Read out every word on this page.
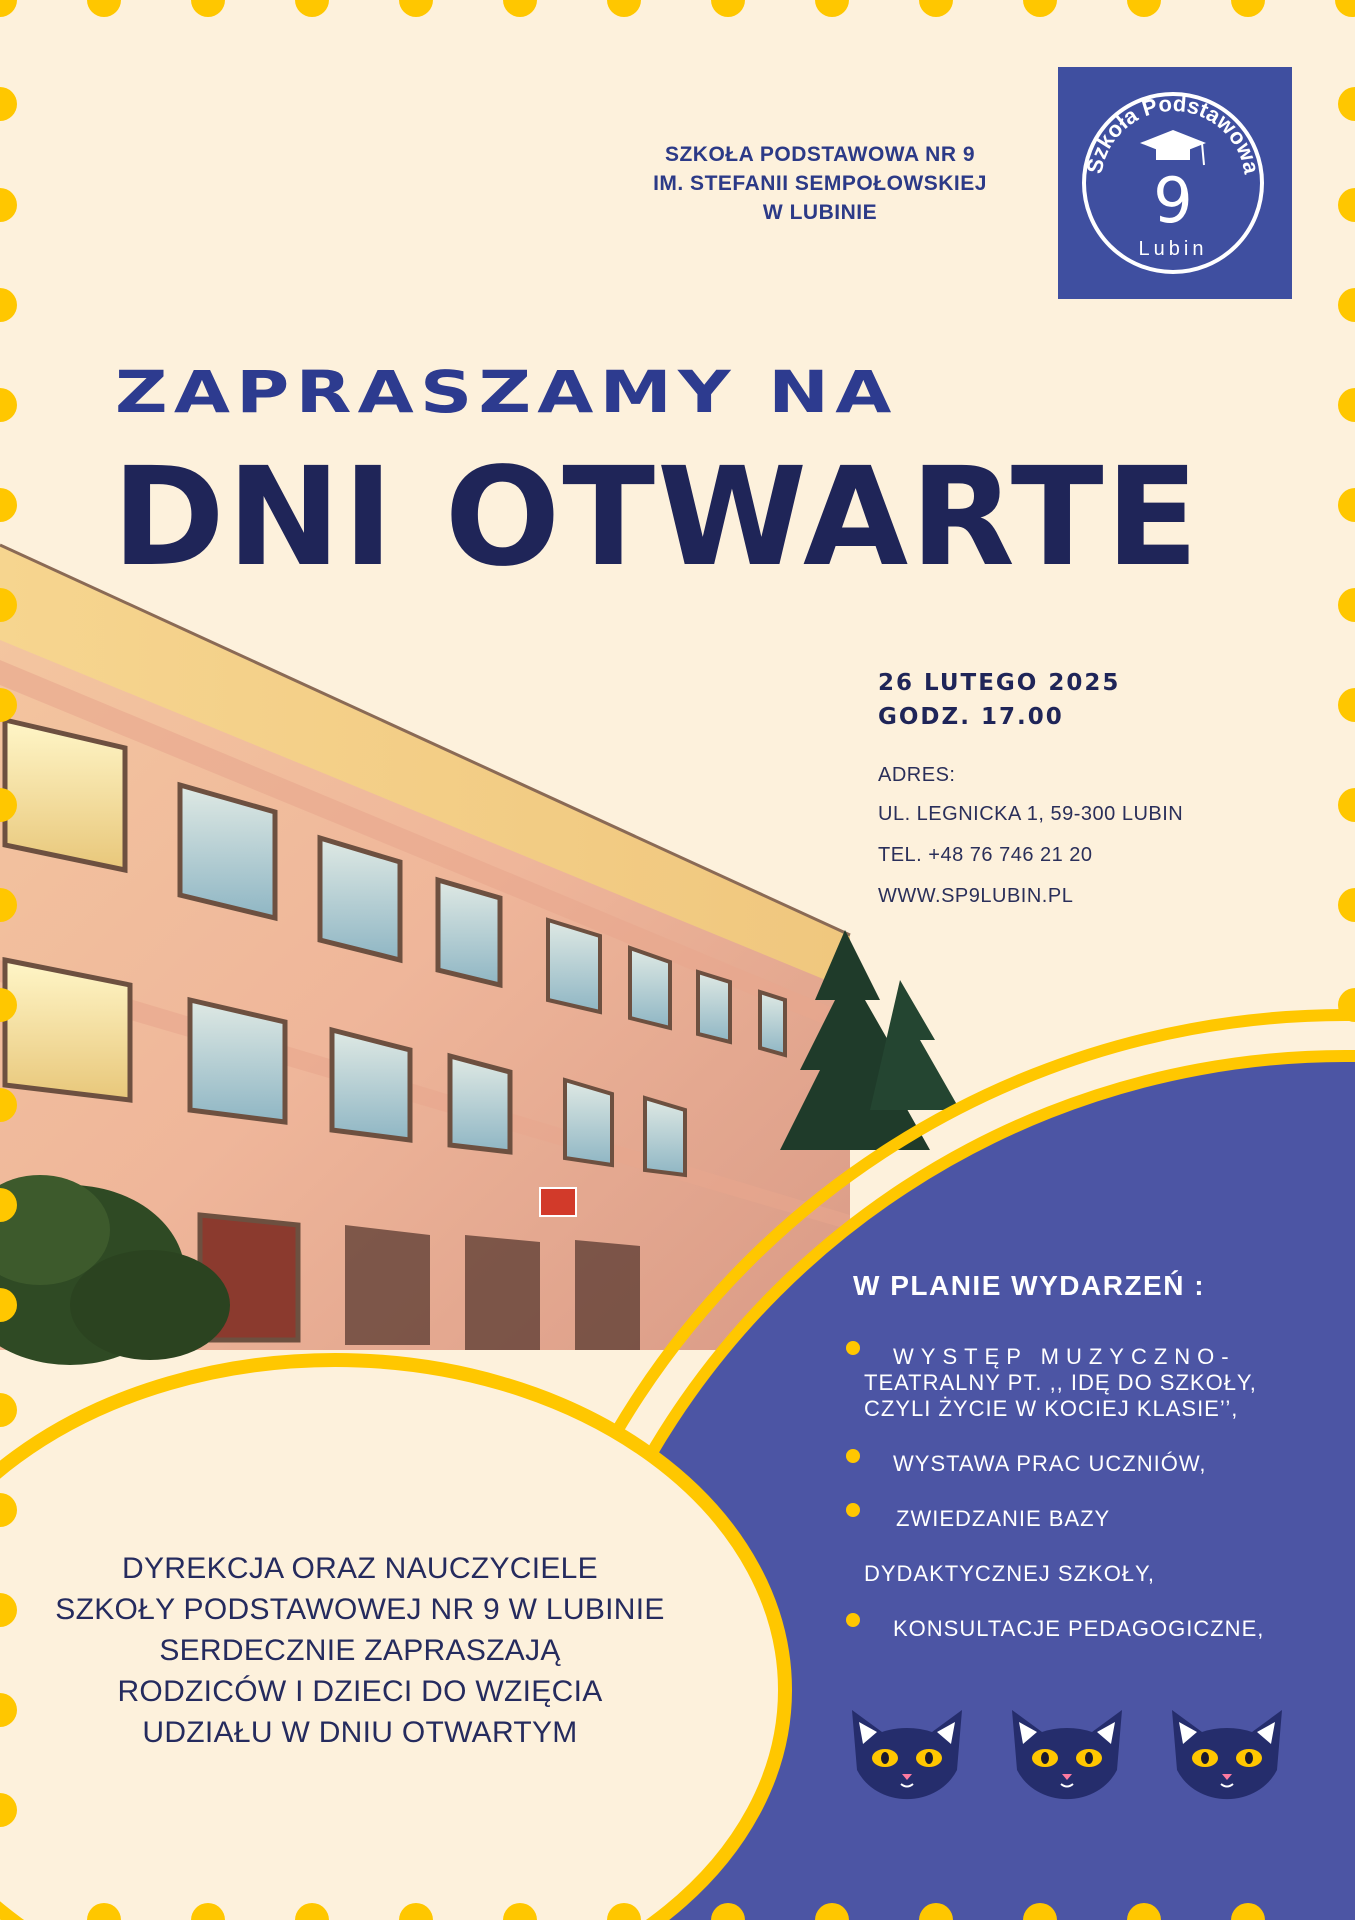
Szkoła Podstawowa
9
Lubin
SZKOŁA PODSTAWOWA NR 9
IM. STEFANII SEMPOŁOWSKIEJ
W LUBINIE
ZAPRASZAMY NA
DNI OTWARTE
26 LUTEGO 2025
GODZ. 17.00
ADRES:
UL. LEGNICKA 1, 59-300 LUBIN
TEL. +48 76 746 21 20
WWW.SP9LUBIN.PL
W PLANIE WYDARZEŃ :
WYSTĘP MUZYCZNO-
TEATRALNY PT. ,, IDĘ DO SZKOŁY,
CZYLI ŻYCIE W KOCIEJ KLASIE’’,
WYSTAWA PRAC UCZNIÓW,
ZWIEDZANIE BAZY
DYDAKTYCZNEJ SZKOŁY,
KONSULTACJE PEDAGOGICZNE,
DYREKCJA ORAZ NAUCZYCIELE
SZKOŁY PODSTAWOWEJ NR 9 W LUBINIE
SERDECZNIE ZAPRASZAJĄ
RODZICÓW I DZIECI DO WZIĘCIA
UDZIAŁU W DNIU OTWARTYM
